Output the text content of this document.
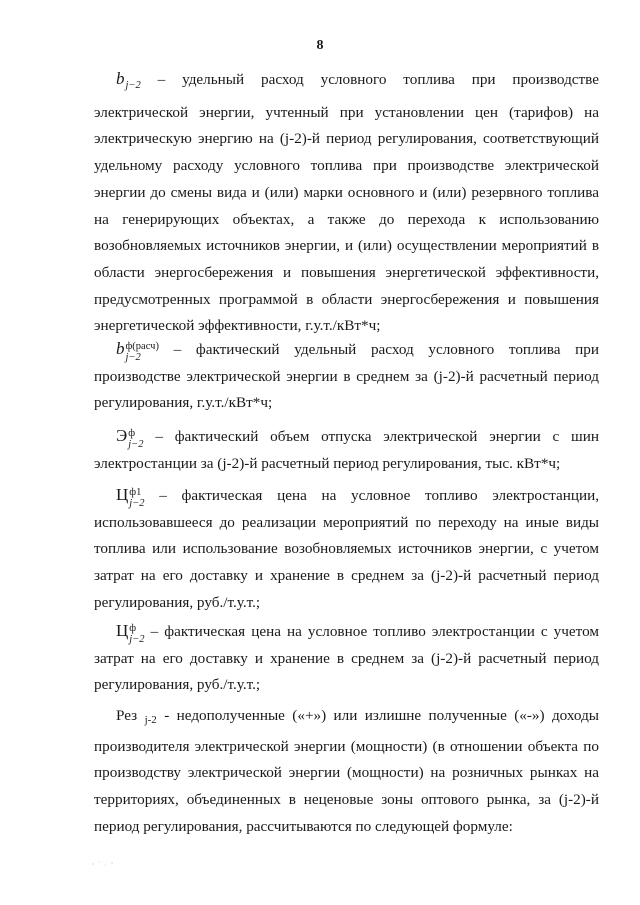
8
$b_{j-2}$ – удельный расход условного топлива при производстве электрической энергии, учтенный при установлении цен (тарифов) на электрическую энергию на (j-2)-й период регулирования, соответствующий удельному расходу условного топлива при производстве электрической энергии до смены вида и (или) марки основного и (или) резервного топлива на генерирующих объектах, а также до перехода к использованию возобновляемых источников энергии, и (или) осуществлении мероприятий в области энергосбережения и повышения энергетической эффективности, предусмотренных программой в области энергосбережения и повышения энергетической эффективности, г.у.т./кВт*ч;
b ф(расч)
j−2	– фактический удельный расход условного топлива при производстве электрической энергии в среднем за (j-2)-й расчетный период регулирования, г.у.т./кВт*ч;
Э ф
j−2 – фактический объем отпуска электрической энергии с шин электростанции за (j-2)-й расчетный период регулирования, тыс. кВт*ч;
Ц ф1
j−2 – фактическая цена на условное топливо электростанции, использовавшееся до реализации мероприятий по переходу на иные виды топлива или использование возобновляемых источников энергии, с учетом затрат на его доставку и хранение в среднем за (j-2)-й расчетный период регулирования, руб./т.у.т.;
Ц ф
j−2 – фактическая цена на условное топливо электростанции с учетом затрат на его доставку и хранение в среднем за (j-2)-й расчетный период регулирования, руб./т.у.т.;
Рез j-2 - недополученные («+») или излишне полученные («-») доходы производителя электрической энергии (мощности) (в отношении объекта по производству электрической энергии (мощности) на розничных рынках на территориях, объединенных в неценовые зоны оптового рынка, за (j-2)-й период регулирования, рассчитываются по следующей формуле:
